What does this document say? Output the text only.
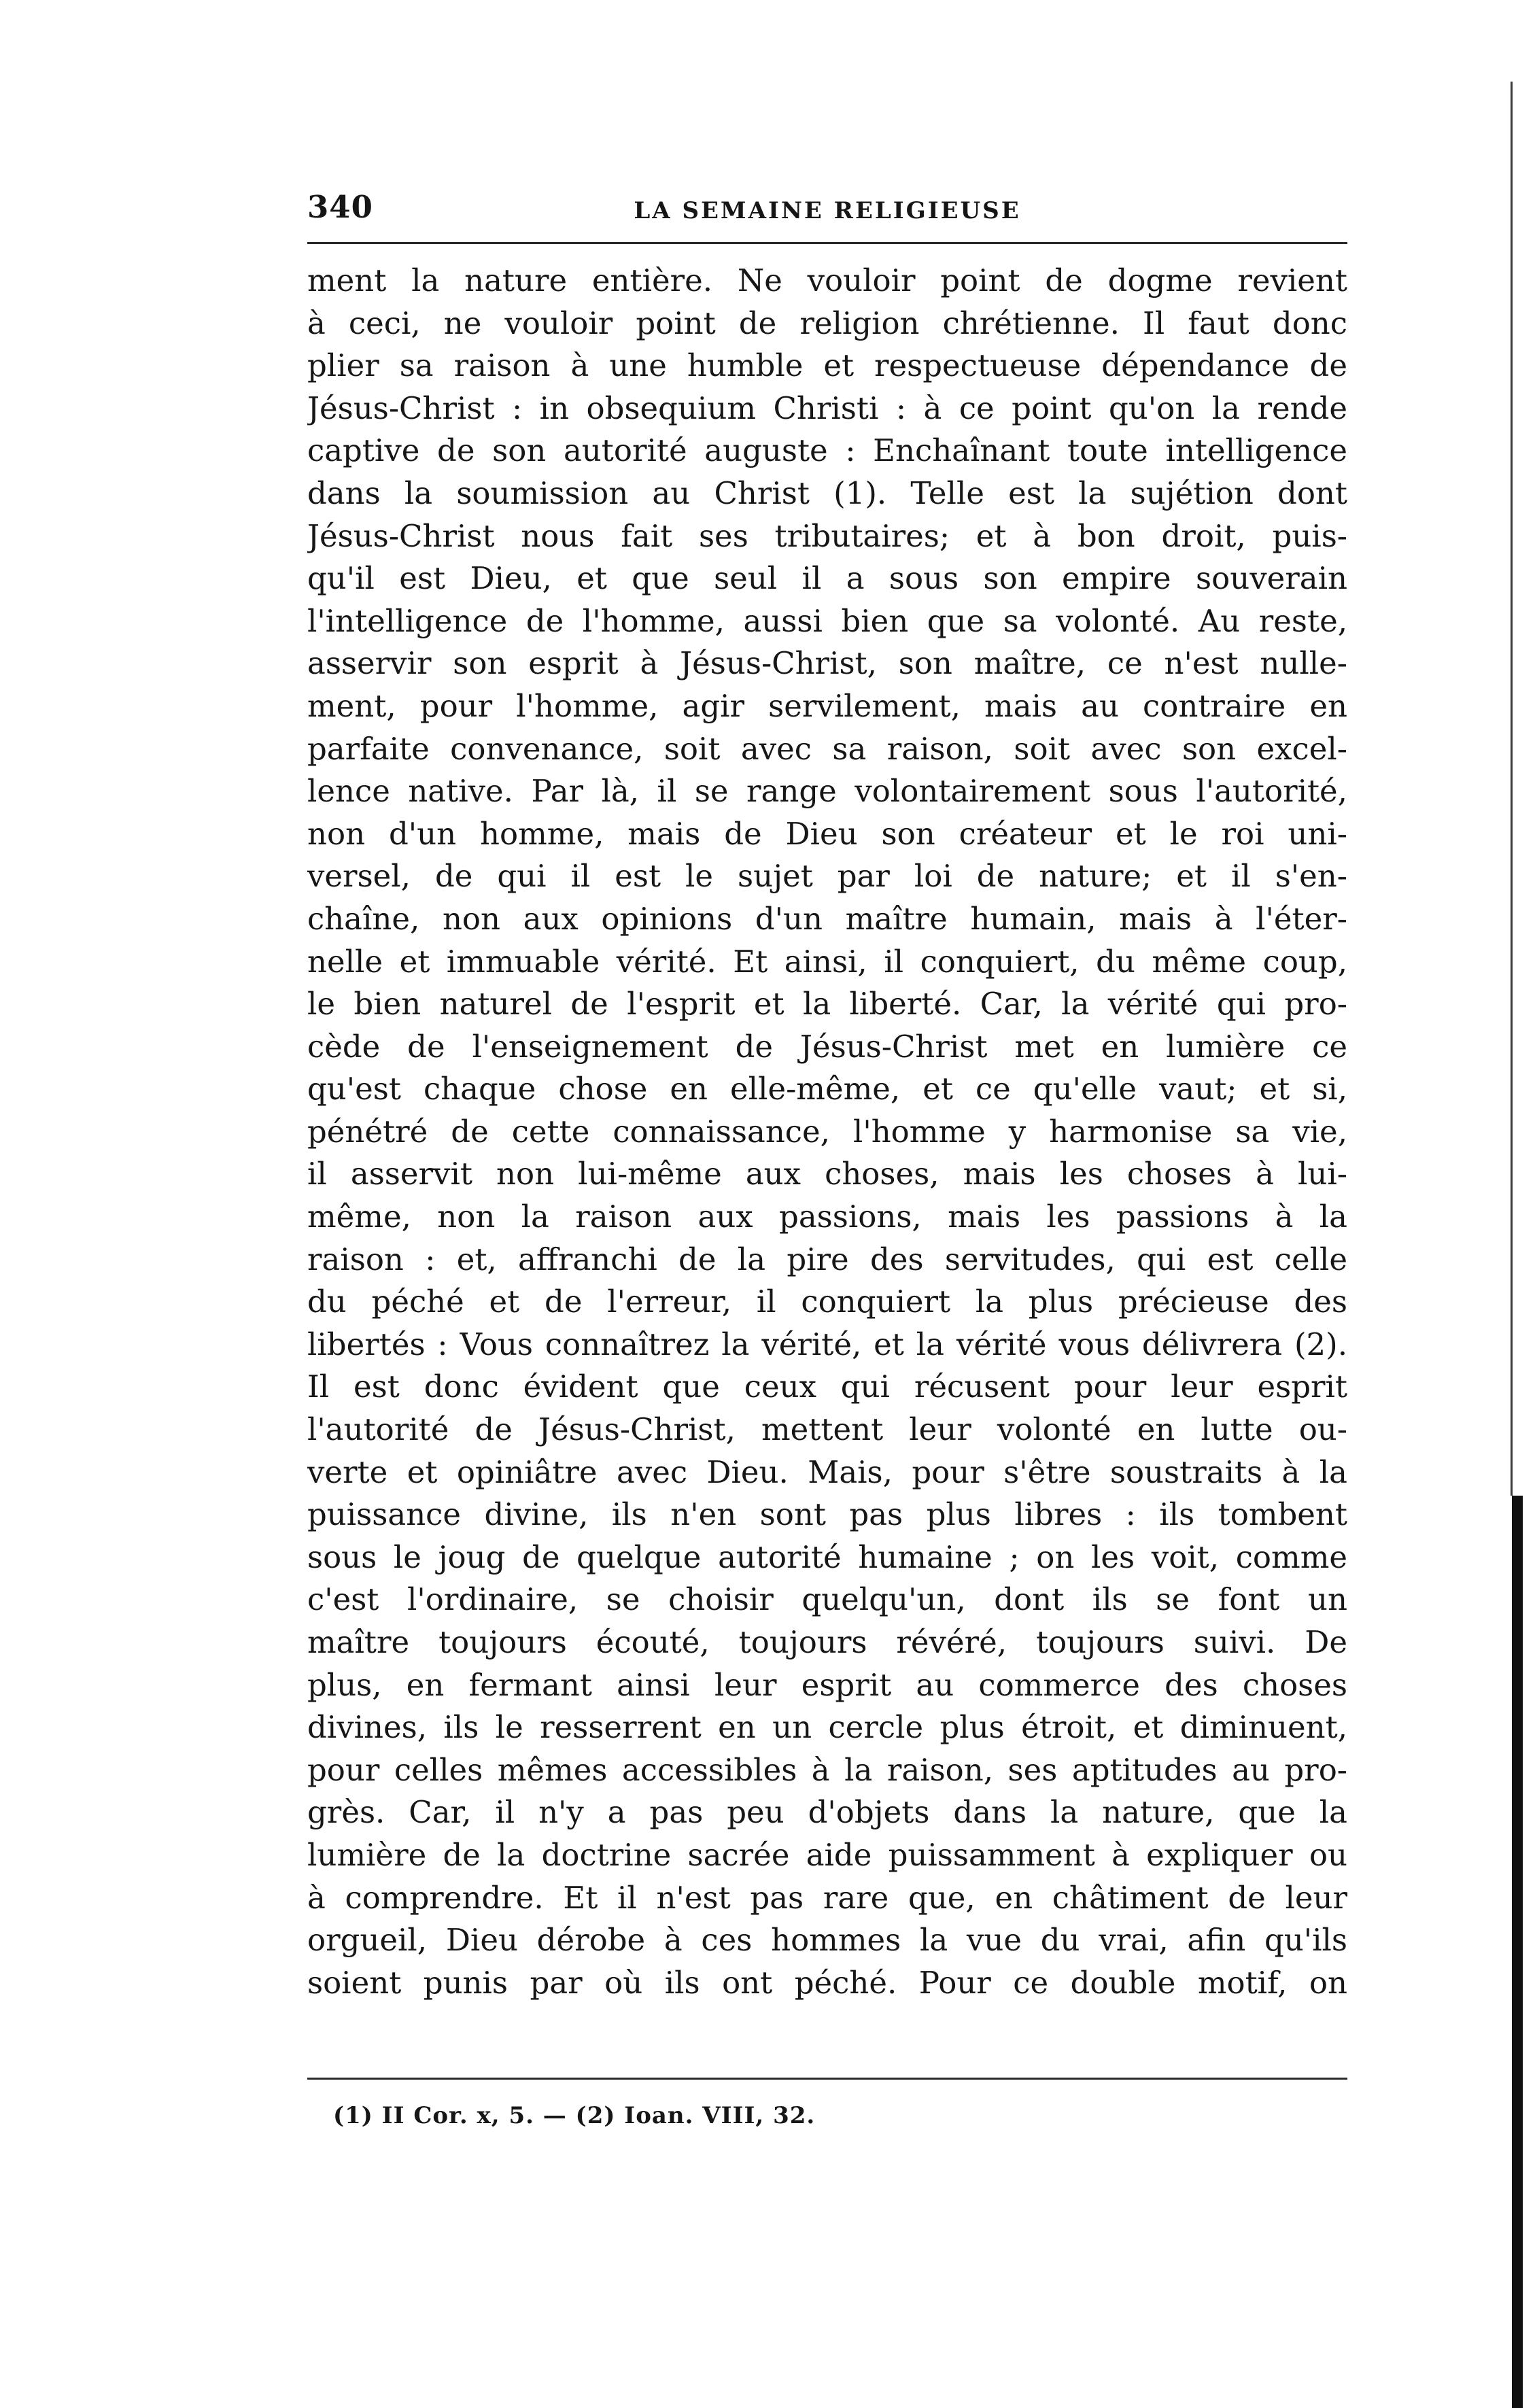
340	LA SEMAINE RELIGIEUSE
ment la nature entière. Ne vouloir point de dogme revient
à ceci, ne vouloir point de religion chrétienne. Il faut donc
plier sa raison à une humble et respectueuse dépendance de
Jésus-Christ : in obsequium Christi : à ce point qu'on la rende
captive de son autorité auguste : Enchaînant toute intelligence
dans la soumission au Christ (1). Telle est la sujétion dont
Jésus-Christ nous fait ses tributaires; et à bon droit, puis-
qu'il est Dieu, et que seul il a sous son empire souverain
l'intelligence de l'homme, aussi bien que sa volonté. Au reste,
asservir son esprit à Jésus-Christ, son maître, ce n'est nulle-
ment, pour l'homme, agir servilement, mais au contraire en
parfaite convenance, soit avec sa raison, soit avec son excel-
lence native. Par là, il se range volontairement sous l'autorité,
non d'un homme, mais de Dieu son créateur et le roi uni-
versel, de qui il est le sujet par loi de nature; et il s'en-
chaîne, non aux opinions d'un maître humain, mais à l'éter-
nelle et immuable vérité. Et ainsi, il conquiert, du même coup,
le bien naturel de l'esprit et la liberté. Car, la vérité qui pro-
cède de l'enseignement de Jésus-Christ met en lumière ce
qu'est chaque chose en elle-même, et ce qu'elle vaut; et si,
pénétré de cette connaissance, l'homme y harmonise sa vie,
il asservit non lui-même aux choses, mais les choses à lui-
même, non la raison aux passions, mais les passions à la
raison : et, affranchi de la pire des servitudes, qui est celle
du péché et de l'erreur, il conquiert la plus précieuse des
libertés : Vous connaîtrez la vérité, et la vérité vous délivrera (2).
Il est donc évident que ceux qui récusent pour leur esprit
l'autorité de Jésus-Christ, mettent leur volonté en lutte ou-
verte et opiniâtre avec Dieu. Mais, pour s'être soustraits à la
puissance divine, ils n'en sont pas plus libres : ils tombent
sous le joug de quelque autorité humaine ; on les voit, comme
c'est l'ordinaire, se choisir quelqu'un, dont ils se font un
maître toujours écouté, toujours révéré, toujours suivi. De
plus, en fermant ainsi leur esprit au commerce des choses
divines, ils le resserrent en un cercle plus étroit, et diminuent,
pour celles mêmes accessibles à la raison, ses aptitudes au pro-
grès. Car, il n'y a pas peu d'objets dans la nature, que la
lumière de la doctrine sacrée aide puissamment à expliquer ou
à comprendre. Et il n'est pas rare que, en châtiment de leur
orgueil, Dieu dérobe à ces hommes la vue du vrai, afin qu'ils
soient punis par où ils ont péché. Pour ce double motif, on
(1) II Cor. x, 5. — (2) Ioan. VIII, 32.
